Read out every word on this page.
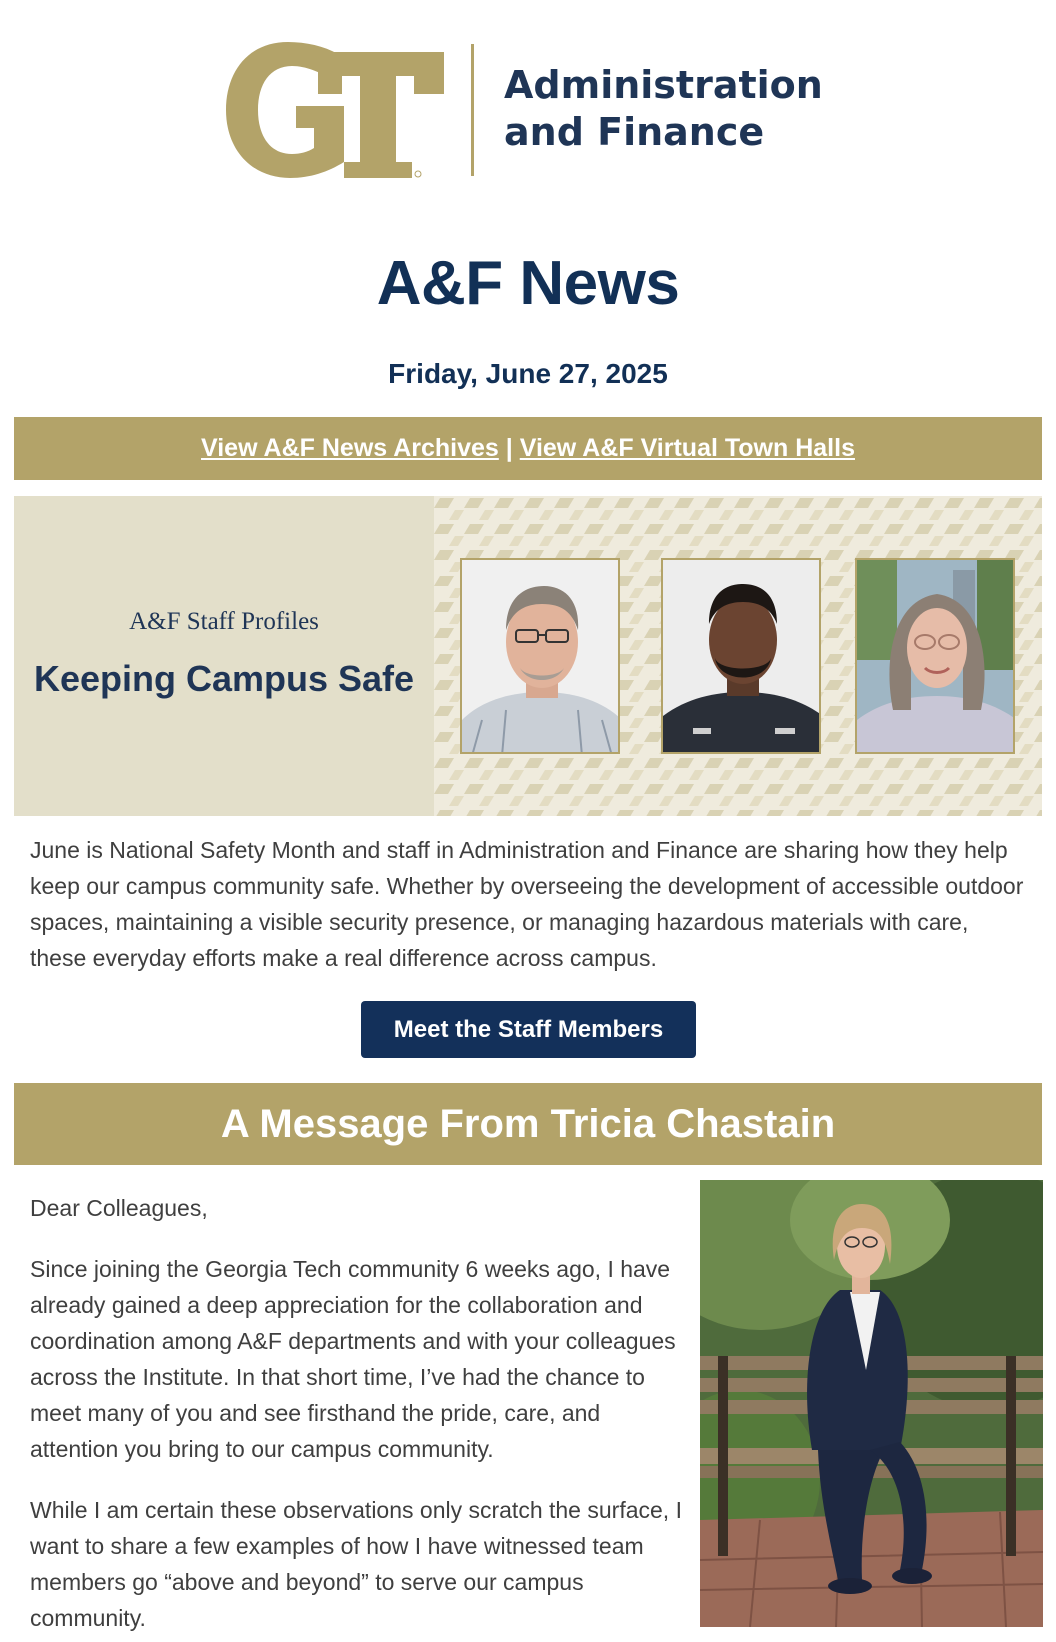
Administration
and Finance
A&F News
Friday, June 27, 2025
View A&F News Archives | View A&F Virtual Town Halls
A&F Staff Profiles
Keeping Campus Safe
June is National Safety Month and staff in Administration and Finance are sharing how they help keep our campus community safe. Whether by overseeing the development of accessible outdoor spaces, maintaining a visible security presence, or managing hazardous materials with care, these everyday efforts make a real difference across campus.
Meet the Staff Members
A Message From Tricia Chastain

Dear Colleagues,

Since joining the Georgia Tech community 6 weeks ago, I have already gained a deep appreciation for the collaboration and coordination among A&F departments and with your colleagues across the Institute. In that short time, I’ve had the chance to meet many of you and see firsthand the pride, care, and attention you bring to our campus community.

While I am certain these observations only scratch the surface, I want to share a few examples of how I have witnessed team members go “above and beyond” to serve our campus community.
